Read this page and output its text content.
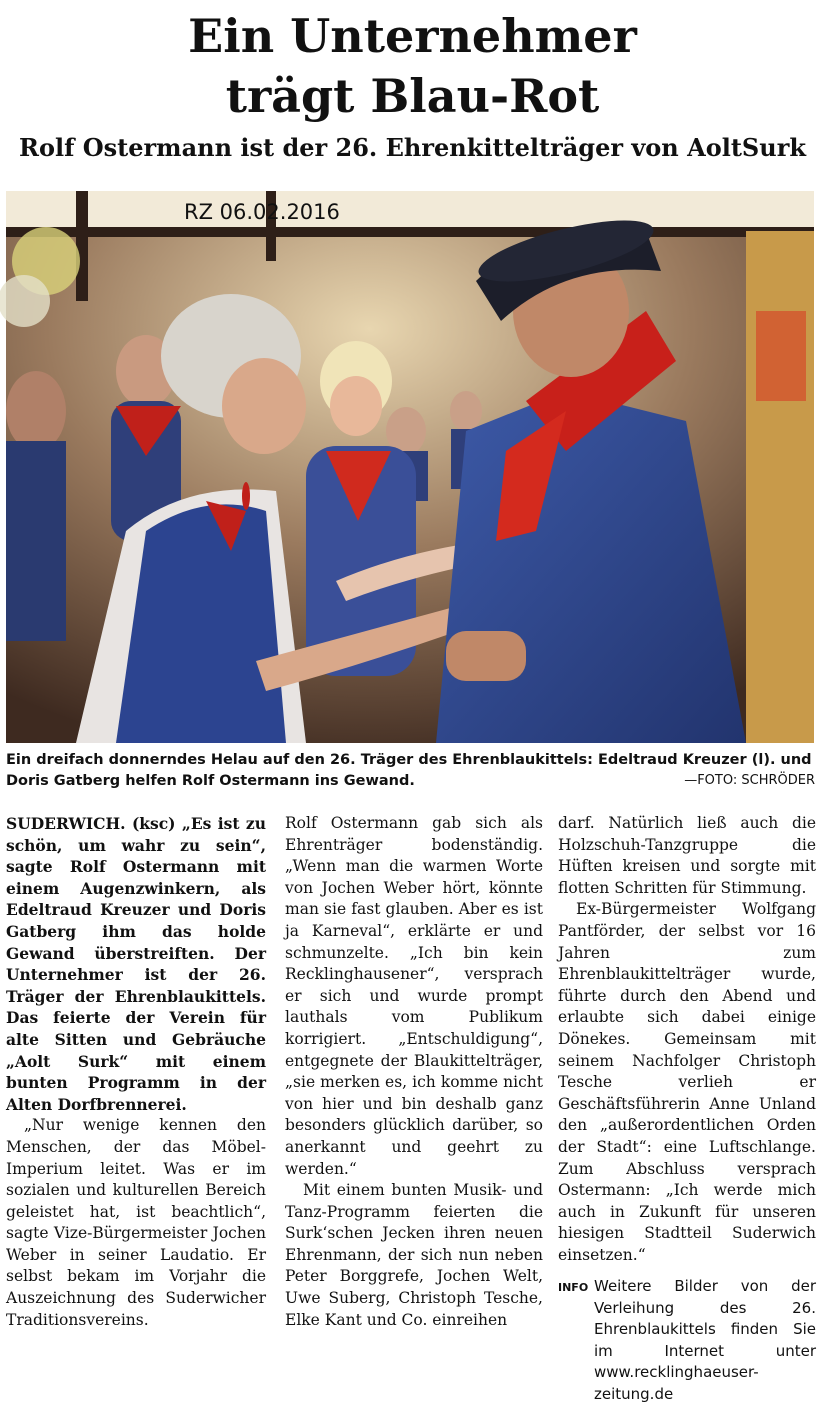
Ein Unternehmer
trägt Blau-Rot
Rolf Ostermann ist der 26. Ehrenkittelträger von AoltSurk
RZ 06.02.2016
Ein dreifach donnerndes Helau auf den 26. Träger des Ehrenblaukittels: Edeltraud Kreuzer (l). und Doris Gatberg helfen Rolf Ostermann ins Gewand.	—FOTO: SCHRÖDER

SUDERWICH. (ksc) „Es ist zu schön, um wahr zu sein“, sagte Rolf Ostermann mit einem Augenzwinkern, als Edeltraud Kreuzer und Doris Gatberg ihm das holde Gewand überstreiften. Der Unternehmer ist der 26. Träger der Ehrenblaukittels. Das feierte der Verein für alte Sitten und Gebräuche „Aolt Surk“ mit einem bunten Programm in der Alten Dorfbrennerei.

„Nur wenige kennen den Menschen, der das Möbel-Imperium leitet. Was er im sozialen und kulturellen Bereich geleistet hat, ist beachtlich“, sagte Vize-Bürgermeister Jochen Weber in seiner Laudatio. Er selbst bekam im Vorjahr die Auszeichnung des Suderwicher Traditionsvereins.

Rolf Ostermann gab sich als Ehrenträger bodenständig. „Wenn man die warmen Worte von Jochen Weber hört, könnte man sie fast glauben. Aber es ist ja Karneval“, erklärte er und schmunzelte. „Ich bin kein Recklinghausener“, versprach er sich und wurde prompt lauthals vom Publikum korrigiert. „Entschuldigung“, entgegnete der Blaukittelträger, „sie merken es, ich komme nicht von hier und bin deshalb ganz besonders glücklich darüber, so anerkannt und geehrt zu werden.“

Mit einem bunten Musik- und Tanz-Programm feierten die Surk‘schen Jecken ihren neuen Ehrenmann, der sich nun neben Peter Borggrefe, Jochen Welt, Uwe Suberg, Christoph Tesche, Elke Kant und Co. einreihen

darf. Natürlich ließ auch die Holzschuh-Tanzgruppe die Hüften kreisen und sorgte mit flotten Schritten für Stimmung.

Ex-Bürgermeister Wolfgang Pantförder, der selbst vor 16 Jahren zum Ehrenblaukittelträger wurde, führte durch den Abend und erlaubte sich dabei einige Dönekes. Gemeinsam mit seinem Nachfolger Christoph Tesche verlieh er Geschäftsführerin Anne Unland den „außerordentlichen Orden der Stadt“: eine Luftschlange. Zum Abschluss versprach Ostermann: „Ich werde mich auch in Zukunft für unseren hiesigen Stadtteil Suderwich einsetzen.“

INFO Weitere Bilder von der Verleihung des 26. Ehrenblaukittels finden Sie im Internet unter www.recklinghaeuser-zeitung.de
